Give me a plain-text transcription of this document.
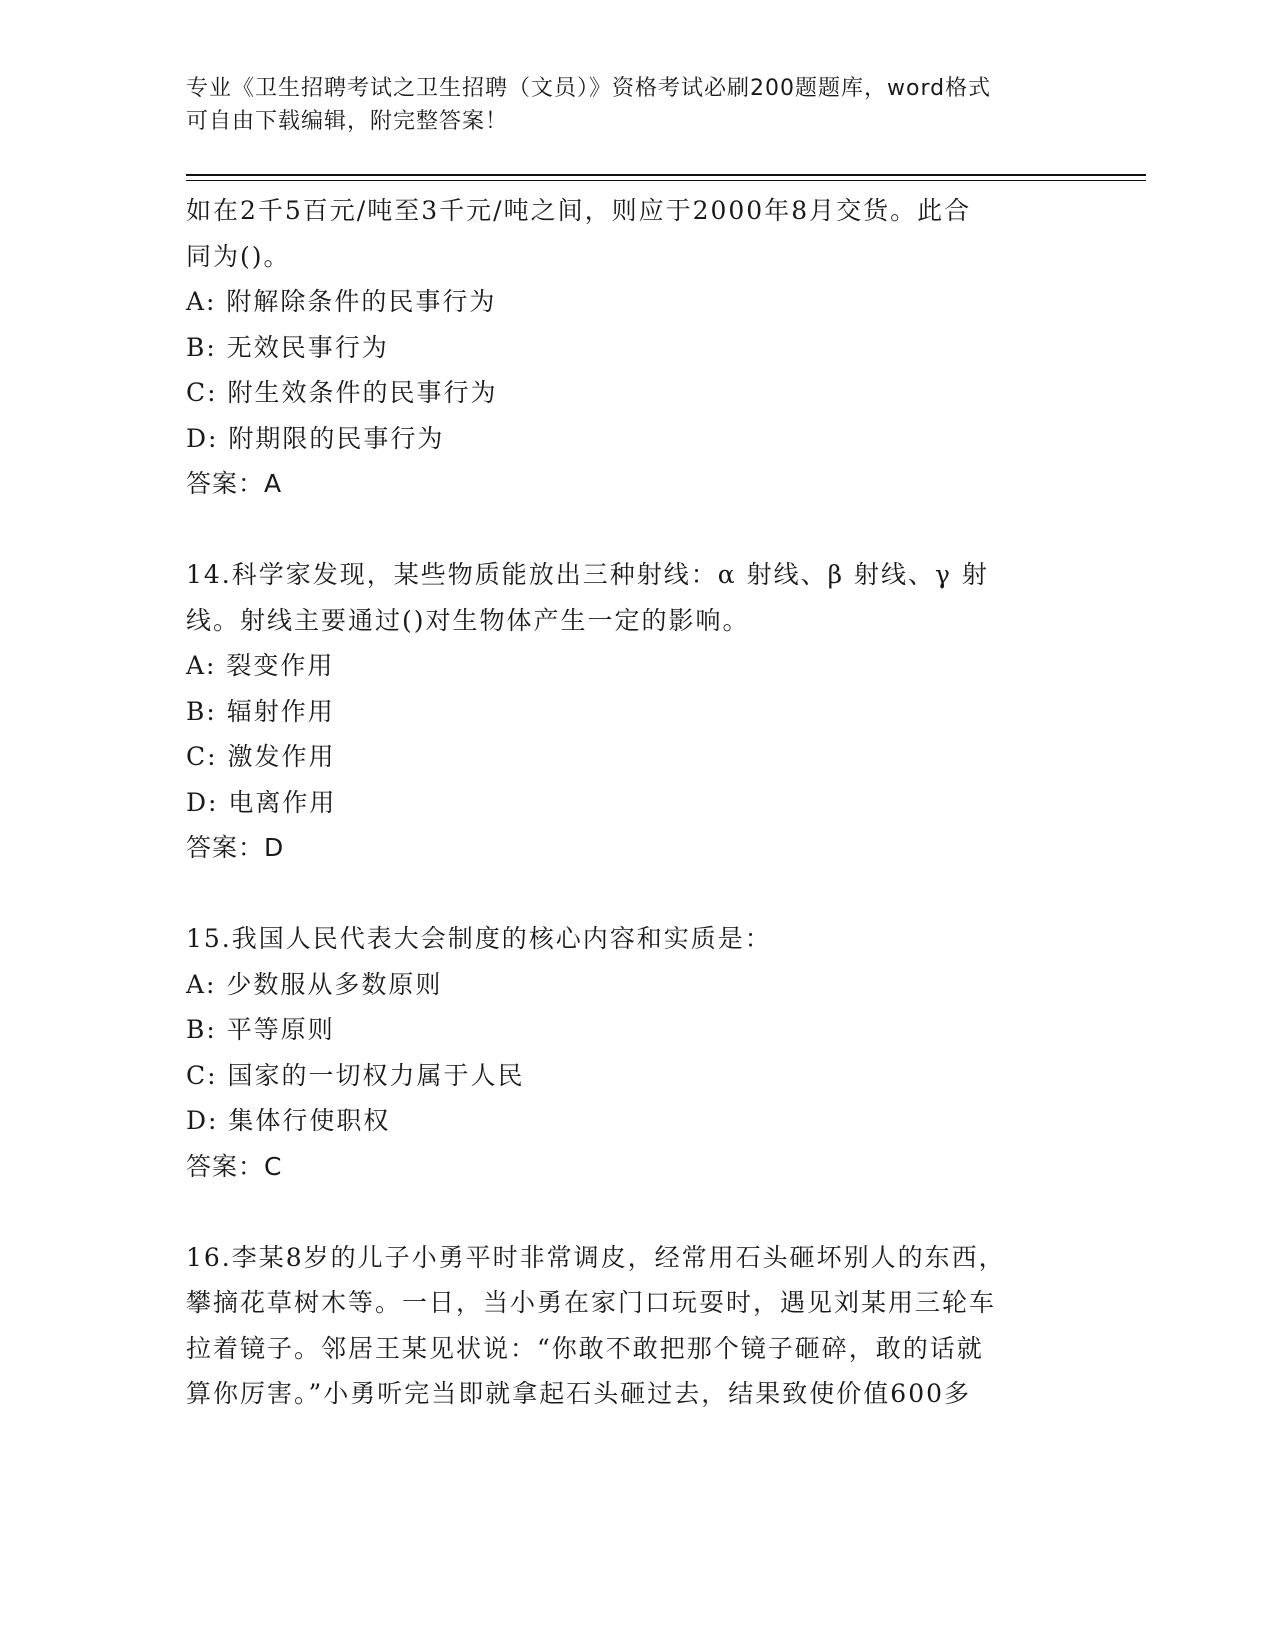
专业《卫生招聘考试之卫生招聘（文员）》资格考试必刷200题题库，word格式
可自由下载编辑，附完整答案！
如在2千5百元/吨至3千元/吨之间，则应于2000年8月交货。此合
同为()。
A: 附解除条件的民事行为
B: 无效民事行为
C: 附生效条件的民事行为
D: 附期限的民事行为
答案：A
14.科学家发现，某些物质能放出三种射线：α 射线、β 射线、γ 射
线。射线主要通过()对生物体产生一定的影响。
A: 裂变作用
B: 辐射作用
C: 激发作用
D: 电离作用
答案：D
15.我国人民代表大会制度的核心内容和实质是：
A: 少数服从多数原则
B: 平等原则
C: 国家的一切权力属于人民
D: 集体行使职权
答案：C
16.李某8岁的儿子小勇平时非常调皮，经常用石头砸坏别人的东西，
攀摘花草树木等。一日，当小勇在家门口玩耍时，遇见刘某用三轮车
拉着镜子。邻居王某见状说：“你敢不敢把那个镜子砸碎，敢的话就
算你厉害。”小勇听完当即就拿起石头砸过去，结果致使价值600多
